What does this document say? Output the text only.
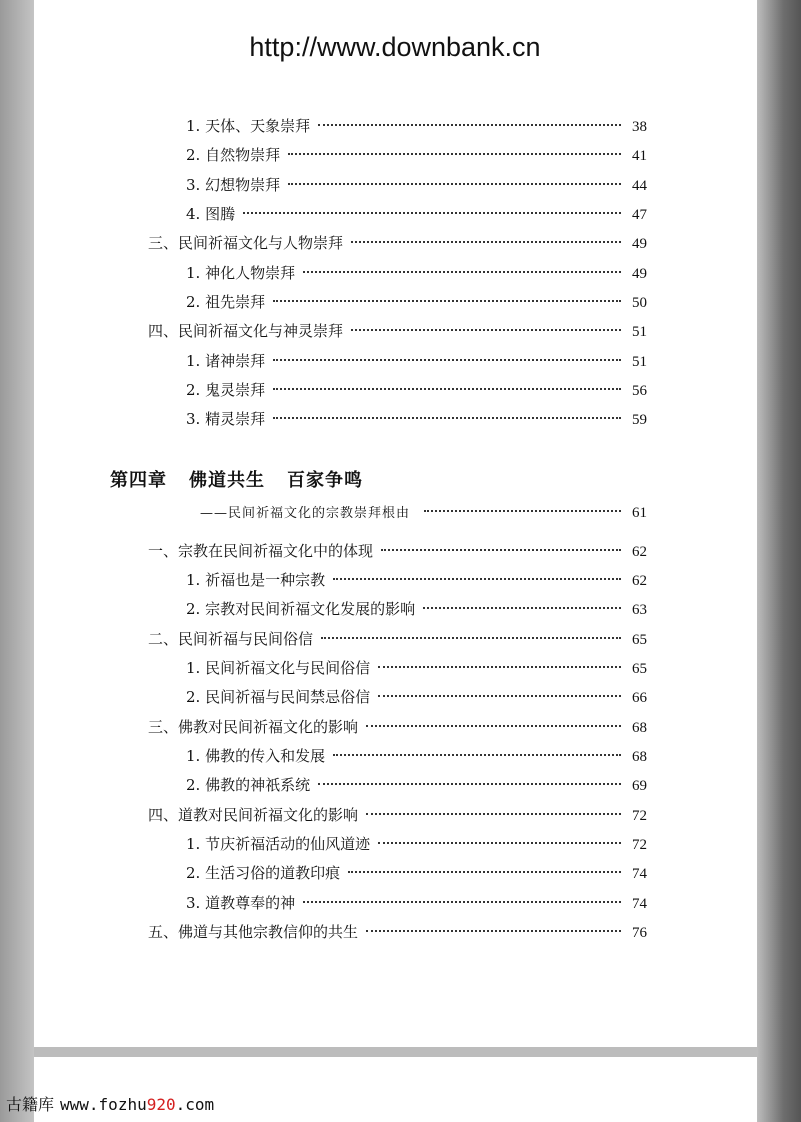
http://www.downbank.cn
1. 天体、天象崇拜	38
2. 自然物崇拜	41
3. 幻想物崇拜	44
4. 图腾	47
三、民间祈福文化与人物崇拜	49
1. 神化人物崇拜	49
2. 祖先崇拜	50
四、民间祈福文化与神灵崇拜	51
1. 诸神崇拜	51
2. 鬼灵崇拜	56
3. 精灵崇拜	59
第四章 佛道共生 百家争鸣
——民间祈福文化的宗教崇拜根由	61
一、宗教在民间祈福文化中的体现	62
1. 祈福也是一种宗教	62
2. 宗教对民间祈福文化发展的影响	63
二、民间祈福与民间俗信	65
1. 民间祈福文化与民间俗信	65
2. 民间祈福与民间禁忌俗信	66
三、佛教对民间祈福文化的影响	68
1. 佛教的传入和发展	68
2. 佛教的神祇系统	69
四、道教对民间祈福文化的影响	72
1. 节庆祈福活动的仙风道迹	72
2. 生活习俗的道教印痕	74
3. 道教尊奉的神	74
五、佛道与其他宗教信仰的共生	76
古籍库 www.fozhu920.com
